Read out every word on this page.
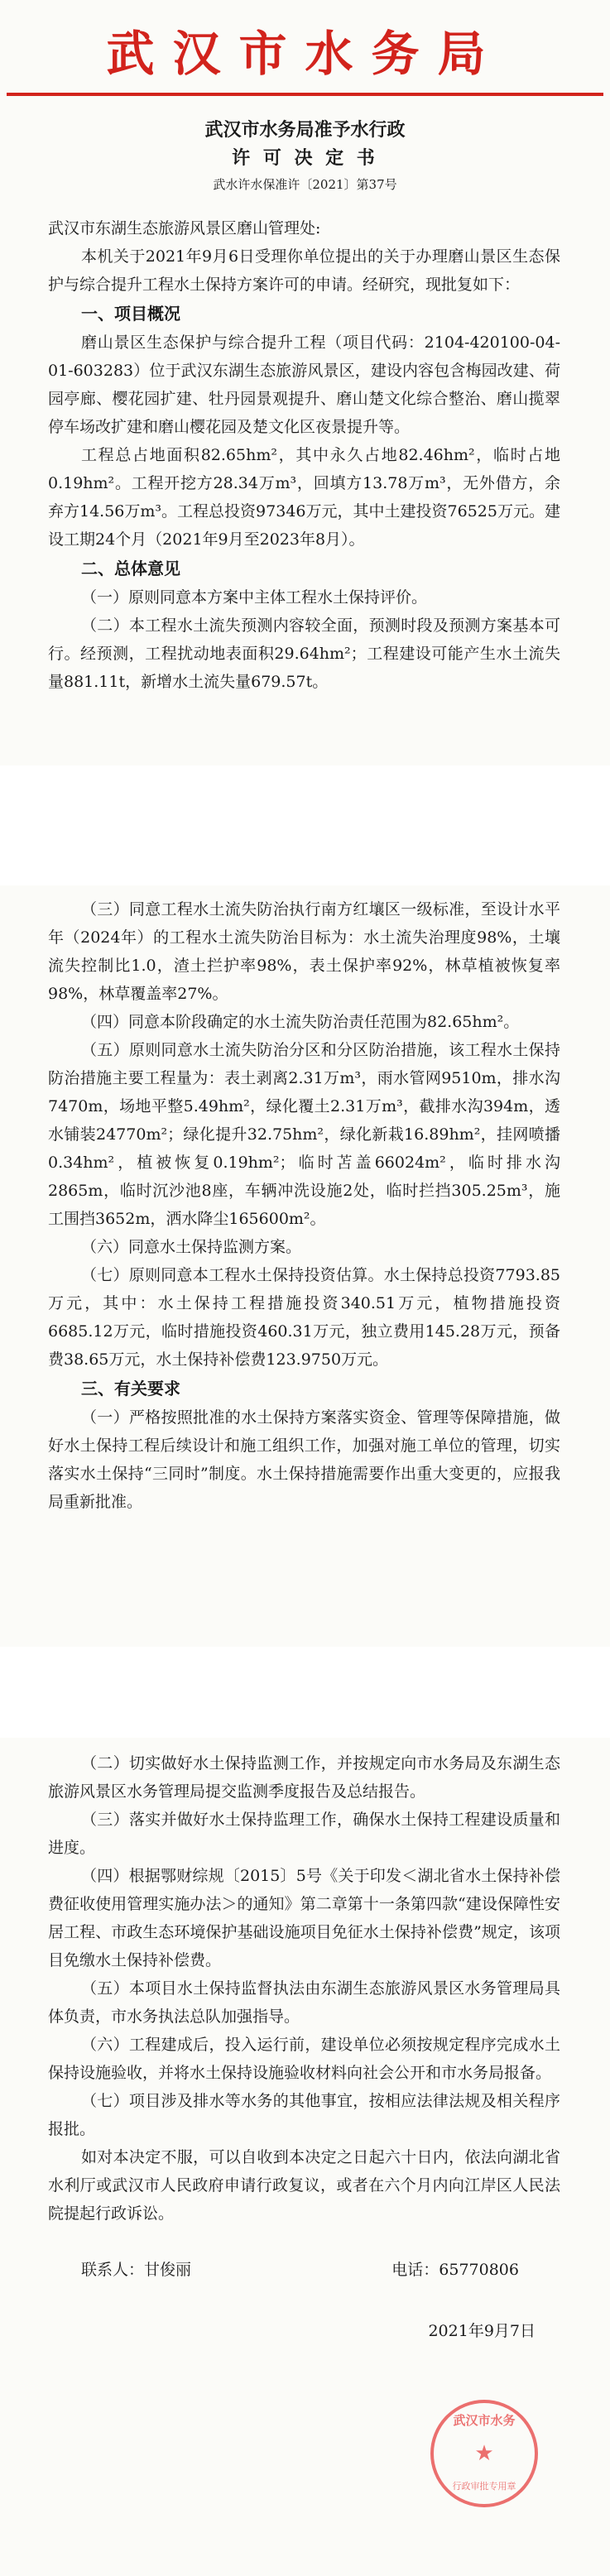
武汉市水务局

武汉市水务局准予水行政

许 可 决 定 书

武水许水保准许〔2021〕第37号

武汉市东湖生态旅游风景区磨山管理处:

本机关于2021年9月6日受理你单位提出的关于办理磨山景区生态保护与综合提升工程水土保持方案许可的申请。经研究，现批复如下：

一、项目概况

磨山景区生态保护与综合提升工程（项目代码：2104-420100-04-01-603283）位于武汉东湖生态旅游风景区，建设内容包含梅园改建、荷园亭廊、樱花园扩建、牡丹园景观提升、磨山楚文化综合整治、磨山揽翠停车场改扩建和磨山樱花园及楚文化区夜景提升等。

工程总占地面积82.65hm²，其中永久占地82.46hm²，临时占地0.19hm²。工程开挖方28.34万m³，回填方13.78万m³，无外借方，余弃方14.56万m³。工程总投资97346万元，其中土建投资76525万元。建设工期24个月（2021年9月至2023年8月）。

二、总体意见

（一）原则同意本方案中主体工程水土保持评价。

（二）本工程水土流失预测内容较全面，预测时段及预测方案基本可行。经预测，工程扰动地表面积29.64hm²；工程建设可能产生水土流失量881.11t，新增水土流失量679.57t。

（三）同意工程水土流失防治执行南方红壤区一级标准，至设计水平年（2024年）的工程水土流失防治目标为：水土流失治理度98%，土壤流失控制比1.0，渣土拦护率98%，表土保护率92%，林草植被恢复率98%，林草覆盖率27%。

（四）同意本阶段确定的水土流失防治责任范围为82.65hm²。

（五）原则同意水土流失防治分区和分区防治措施，该工程水土保持防治措施主要工程量为：表土剥离2.31万m³，雨水管网9510m，排水沟7470m，场地平整5.49hm²，绿化覆土2.31万m³，截排水沟394m，透水铺装24770m²；绿化提升32.75hm²，绿化新栽16.89hm²，挂网喷播0.34hm²，植被恢复0.19hm²；临时苫盖66024m²，临时排水沟2865m，临时沉沙池8座，车辆冲洗设施2处，临时拦挡305.25m³，施工围挡3652m，洒水降尘165600m²。

（六）同意水土保持监测方案。

（七）原则同意本工程水土保持投资估算。水土保持总投资7793.85万元，其中：水土保持工程措施投资340.51万元，植物措施投资6685.12万元，临时措施投资460.31万元，独立费用145.28万元，预备费38.65万元，水土保持补偿费123.9750万元。

三、有关要求

（一）严格按照批准的水土保持方案落实资金、管理等保障措施，做好水土保持工程后续设计和施工组织工作，加强对施工单位的管理，切实落实水土保持“三同时”制度。水土保持措施需要作出重大变更的，应报我局重新批准。

（二）切实做好水土保持监测工作，并按规定向市水务局及东湖生态旅游风景区水务管理局提交监测季度报告及总结报告。

（三）落实并做好水土保持监理工作，确保水土保持工程建设质量和进度。

（四）根据鄂财综规〔2015〕5号《关于印发＜湖北省水土保持补偿费征收使用管理实施办法＞的通知》第二章第十一条第四款“建设保障性安居工程、市政生态环境保护基础设施项目免征水土保持补偿费”规定，该项目免缴水土保持补偿费。

（五）本项目水土保持监督执法由东湖生态旅游风景区水务管理局具体负责，市水务执法总队加强指导。

（六）工程建成后，投入运行前，建设单位必须按规定程序完成水土保持设施验收，并将水土保持设施验收材料向社会公开和市水务局报备。

（七）项目涉及排水等水务的其他事宜，按相应法律法规及相关程序报批。

如对本决定不服，可以自收到本决定之日起六十日内，依法向湖北省水利厅或武汉市人民政府申请行政复议，或者在六个月内向江岸区人民法院提起行政诉讼。

联系人：甘俊丽	电话：65770806
2021年9月7日
武汉市水务
★
行政审批专用章
